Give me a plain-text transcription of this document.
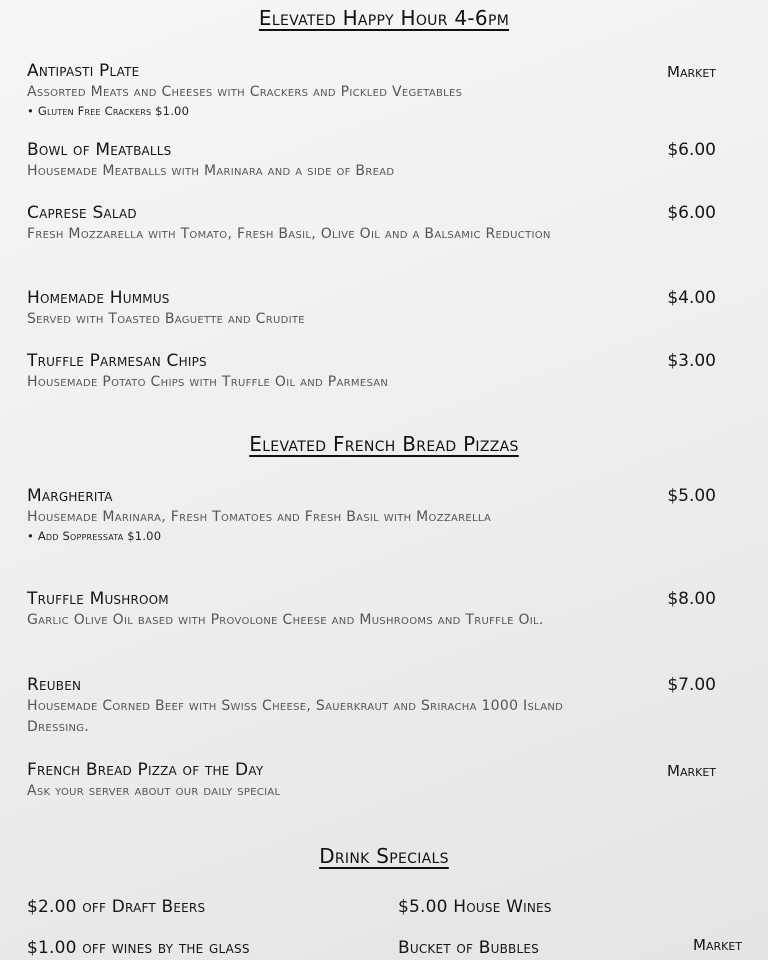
Elevated Happy Hour 4-6pm
Antipasti Plate	Market
Assorted Meats and Cheeses with Crackers and Pickled Vegetables
• Gluten Free Crackers $1.00
Bowl of Meatballs	$6.00
Housemade Meatballs with Marinara and a side of Bread
Caprese Salad	$6.00
Fresh Mozzarella with Tomato, Fresh Basil, Olive Oil and a Balsamic Reduction
Homemade Hummus	$4.00
Served with Toasted Baguette and Crudite
Truffle Parmesan Chips	$3.00
Housemade Potato Chips with Truffle Oil and Parmesan
Elevated French Bread Pizzas
Margherita	$5.00
Housemade Marinara, Fresh Tomatoes and Fresh Basil with Mozzarella
• Add Soppressata $1.00
Truffle Mushroom	$8.00
Garlic Olive Oil based with Provolone Cheese and Mushrooms and Truffle Oil.
Reuben	$7.00
Housemade Corned Beef with Swiss Cheese, Sauerkraut and Sriracha 1000 Island Dressing.
French Bread Pizza of the Day	Market
Ask your server about our daily special
Drink Specials
$2.00 off Draft Beers	$5.00 House Wines
$1.00 off wines by the glass	Bucket of Bubbles	Market
